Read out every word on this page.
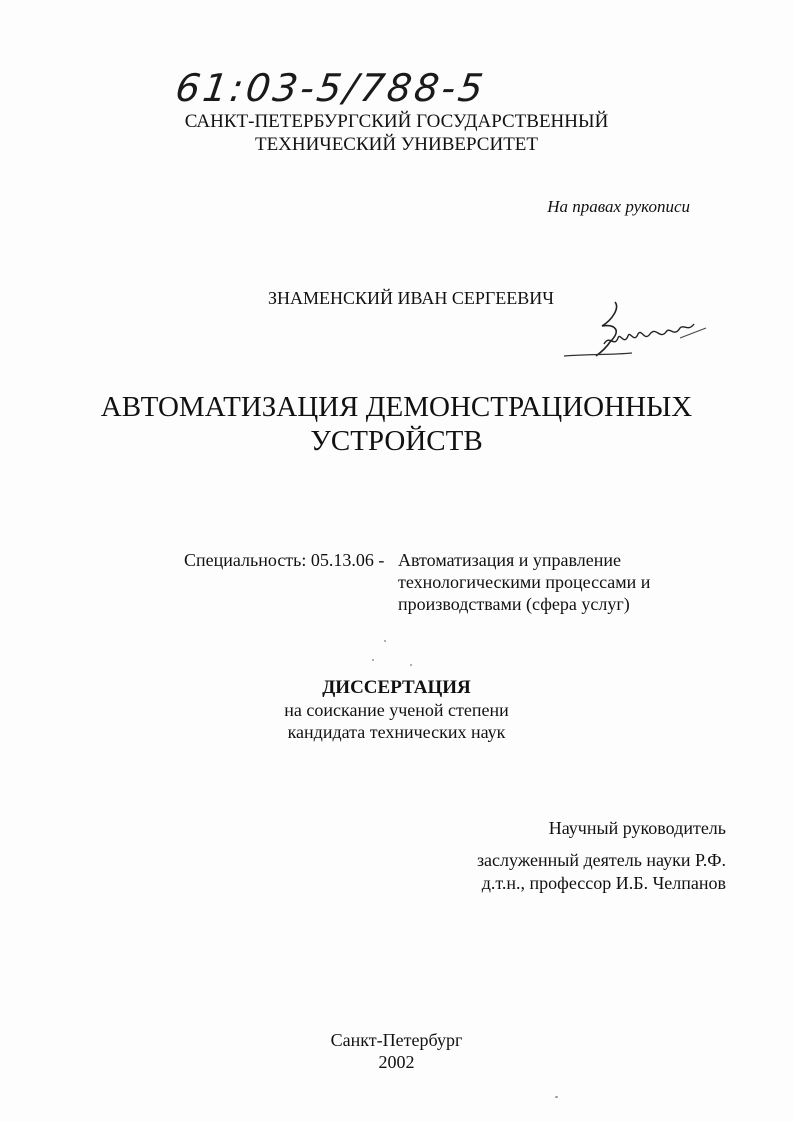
61:03-5/788-5
САНКТ-ПЕТЕРБУРГСКИЙ ГОСУДАРСТВЕННЫЙ
ТЕХНИЧЕСКИЙ УНИВЕРСИТЕТ
На правах рукописи
ЗНАМЕНСКИЙ ИВАН СЕРГЕЕВИЧ
АВТОМАТИЗАЦИЯ ДЕМОНСТРАЦИОННЫХ
УСТРОЙСТВ
Специальность: 05.13.06 - Автоматизация и управление
технологическими процессами и
производствами (сфера услуг)
ДИССЕРТАЦИЯ
на соискание ученой степени
кандидата технических наук
Научный руководитель
заслуженный деятель науки Р.Ф.
д.т.н., профессор И.Б. Челпанов
Санкт-Петербург
2002
